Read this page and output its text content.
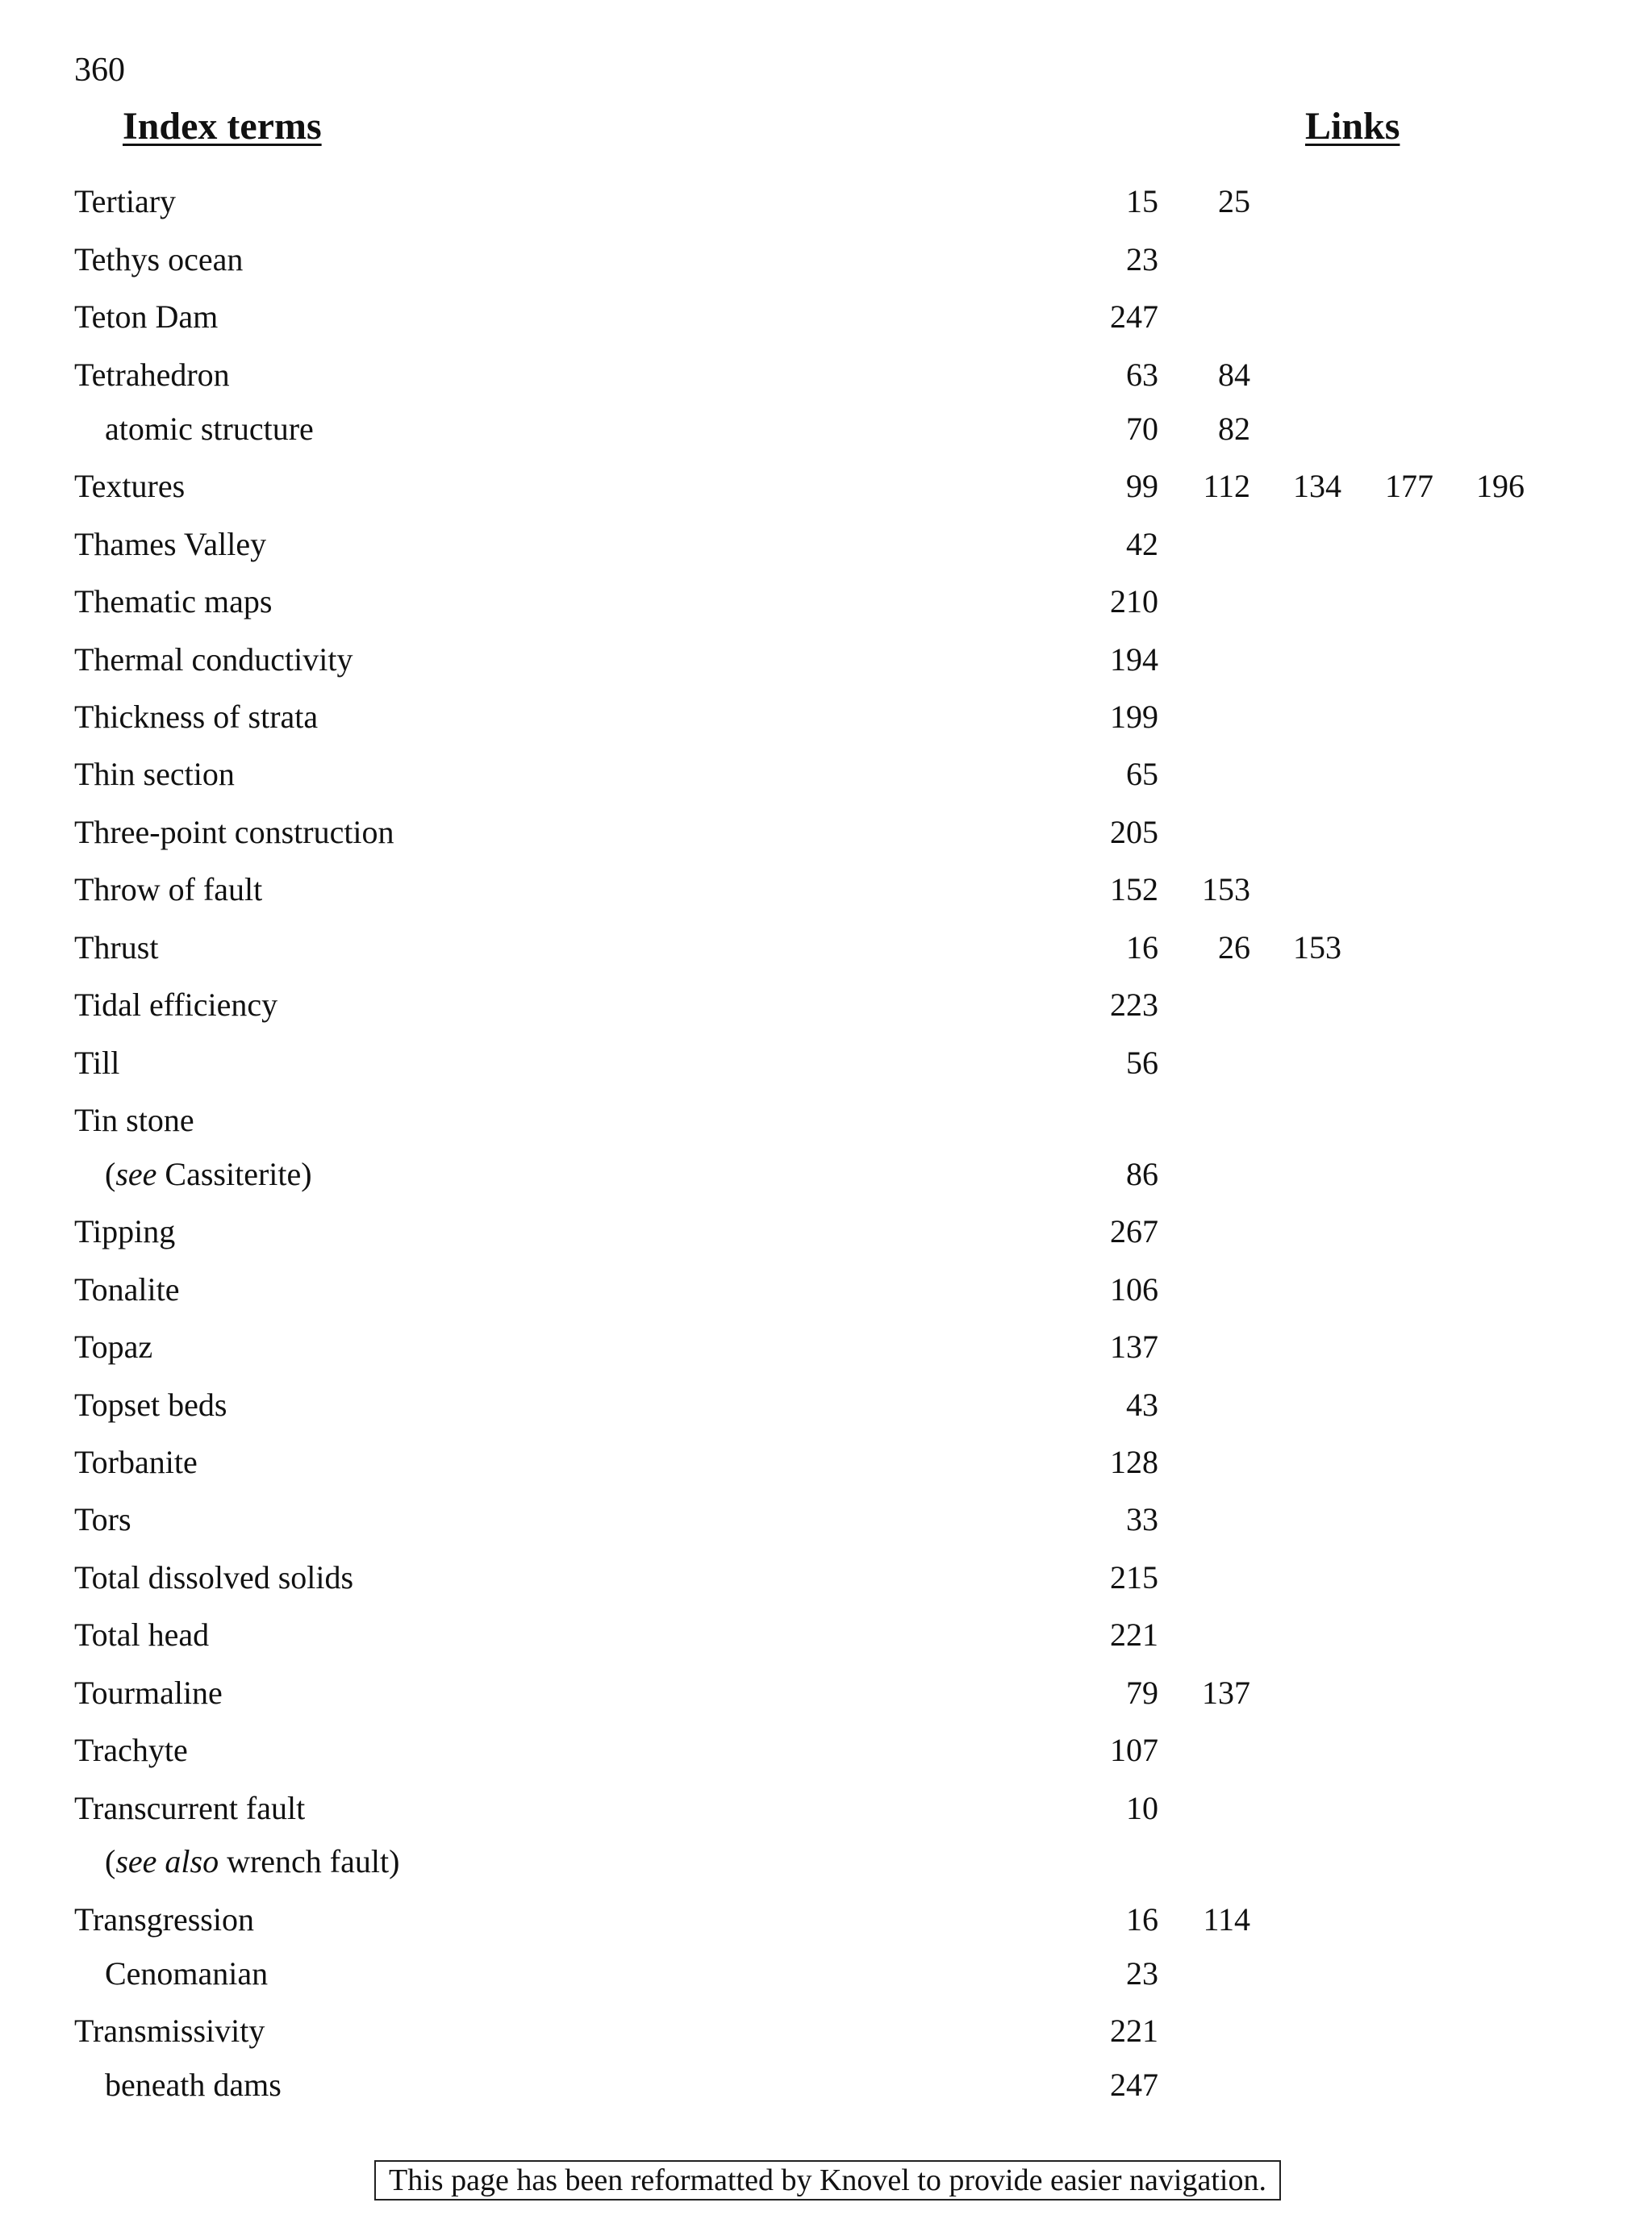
360
Index terms	Links
Tertiary	15	25
Tethys ocean	23
Teton Dam	247
Tetrahedron	63	84
atomic structure	70	82
Textures	99	112	134	177	196
Thames Valley	42
Thematic maps	210
Thermal conductivity	194
Thickness of strata	199
Thin section	65
Three-point construction	205
Throw of fault	152	153
Thrust	16	26	153
Tidal efficiency	223
Till	56
Tin stone
(see Cassiterite)	86
Tipping	267
Tonalite	106
Topaz	137
Topset beds	43
Torbanite	128
Tors	33
Total dissolved solids	215
Total head	221
Tourmaline	79	137
Trachyte	107
Transcurrent fault	10
(see also wrench fault)
Transgression	16	114
Cenomanian	23
Transmissivity	221
beneath dams	247
This page has been reformatted by Knovel to provide easier navigation.
